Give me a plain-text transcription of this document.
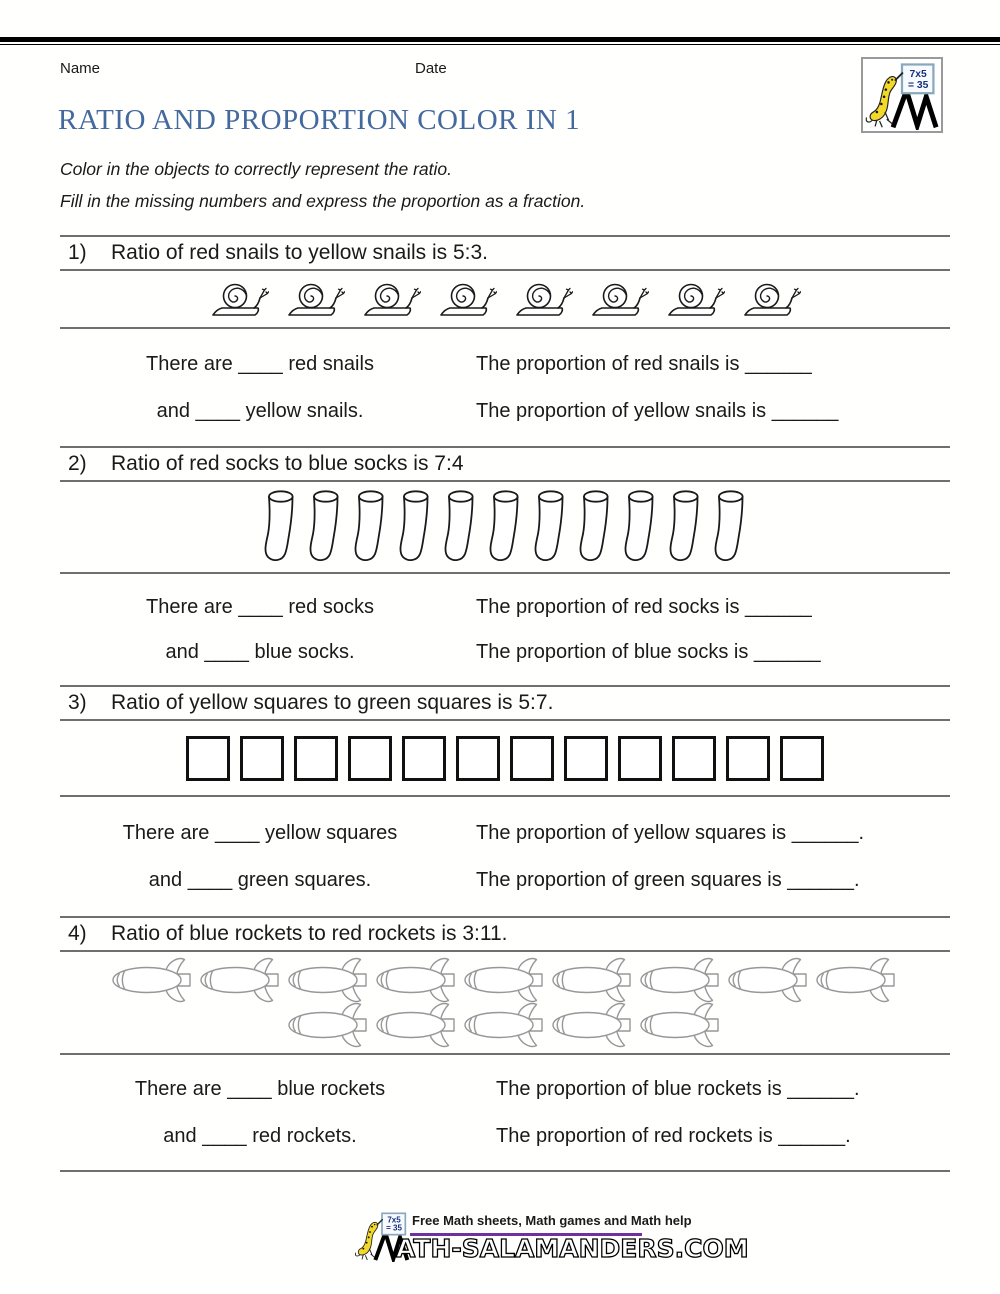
Name	Date	7x5
= 35
RATIO AND PROPORTION COLOR IN 1

Color in the objects to correctly represent the ratio.

Fill in the missing numbers and express the proportion as a fraction.

1)	Ratio of red snails to yellow snails is 5:3.
There are ____ red snails	The proportion of red snails is ______
and ____ yellow snails.	The proportion of yellow snails is ______
2)	Ratio of red socks to blue socks is 7:4
There are ____ red socks	The proportion of red socks is ______
and ____ blue socks.	The proportion of blue socks is ______
3)	Ratio of yellow squares to green squares is 5:7.
There are ____ yellow squares	The proportion of yellow squares is ______.
and ____ green squares.	The proportion of green squares is ______.
4)	Ratio of blue rockets to red rockets is 3:11.
There are ____ blue rockets	The proportion of blue rockets is ______.
and ____ red rockets.	The proportion of red rockets is ______.
7x5
= 35
Free Math sheets, Math games and Math help
ATH-SALAMANDERS.COM
